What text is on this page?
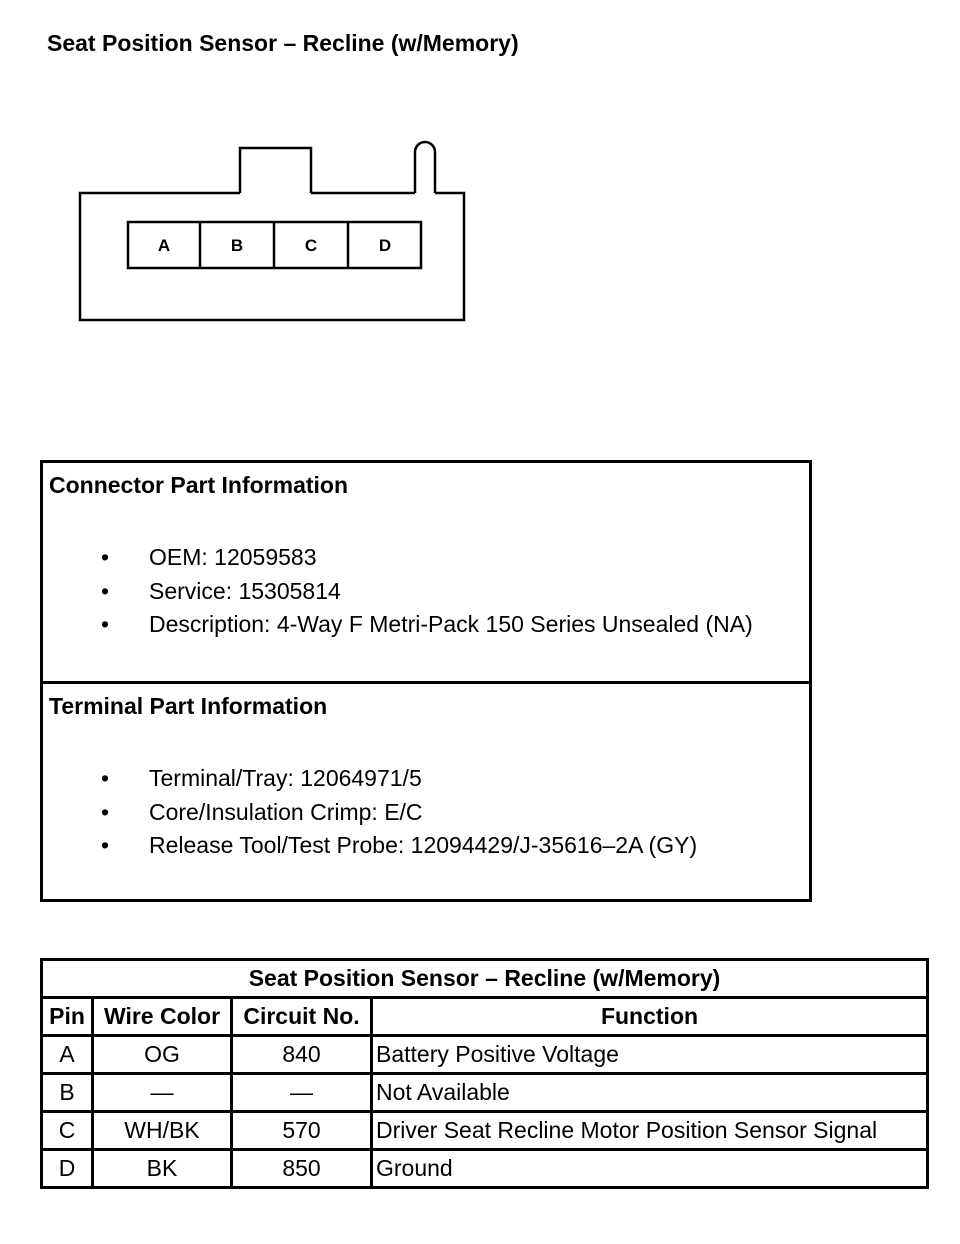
Seat Position Sensor – Recline (w/Memory)
A	B	C	D
Connector Part Information
• OEM: 12059583
• Service: 15305814
• Description: 4-Way F Metri-Pack 150 Series Unsealed (NA)
Terminal Part Information
• Terminal/Tray: 12064971/5
• Core/Insulation Crimp: E/C
• Release Tool/Test Probe: 12094429/J-35616–2A (GY)
Seat Position Sensor – Recline (w/Memory)			
Pin	Wire Color	Circuit No.	Function
A	OG	840	Battery Positive Voltage
B	—	—	Not Available
C	WH/BK	570	Driver Seat Recline Motor Position Sensor Signal
D	BK	850	Ground
